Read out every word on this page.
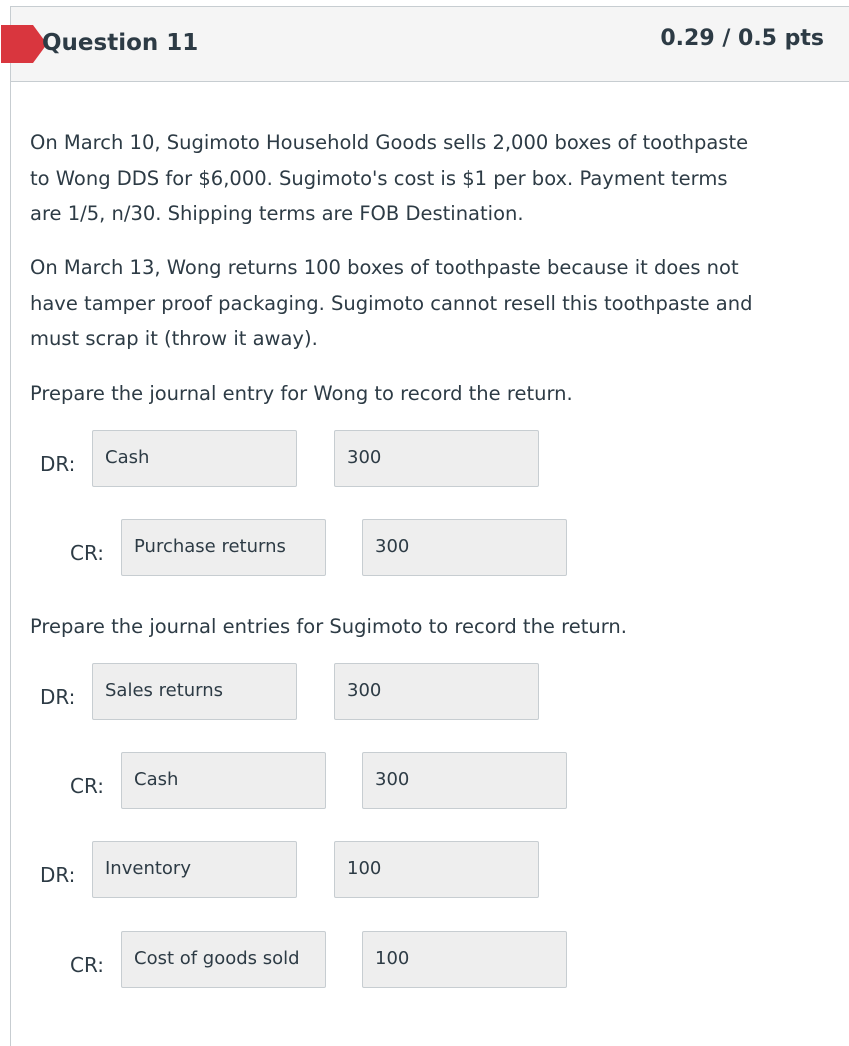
Question 11	0.29 / 0.5 pts

On March 10, Sugimoto Household Goods sells 2,000 boxes of toothpaste
to Wong DDS for $6,000. Sugimoto's cost is $1 per box. Payment terms
are 1/5, n/30. Shipping terms are FOB Destination.

On March 13, Wong returns 100 boxes of toothpaste because it does not
have tamper proof packaging. Sugimoto cannot resell this toothpaste and
must scrap it (throw it away).

Prepare the journal entry for Wong to record the return.

DR:	Cash	300
CR:	Purchase returns	300

Prepare the journal entries for Sugimoto to record the return.

DR:	Sales returns	300
CR:	Cash	300
DR:	Inventory	100
CR:	Cost of goods sold	100
